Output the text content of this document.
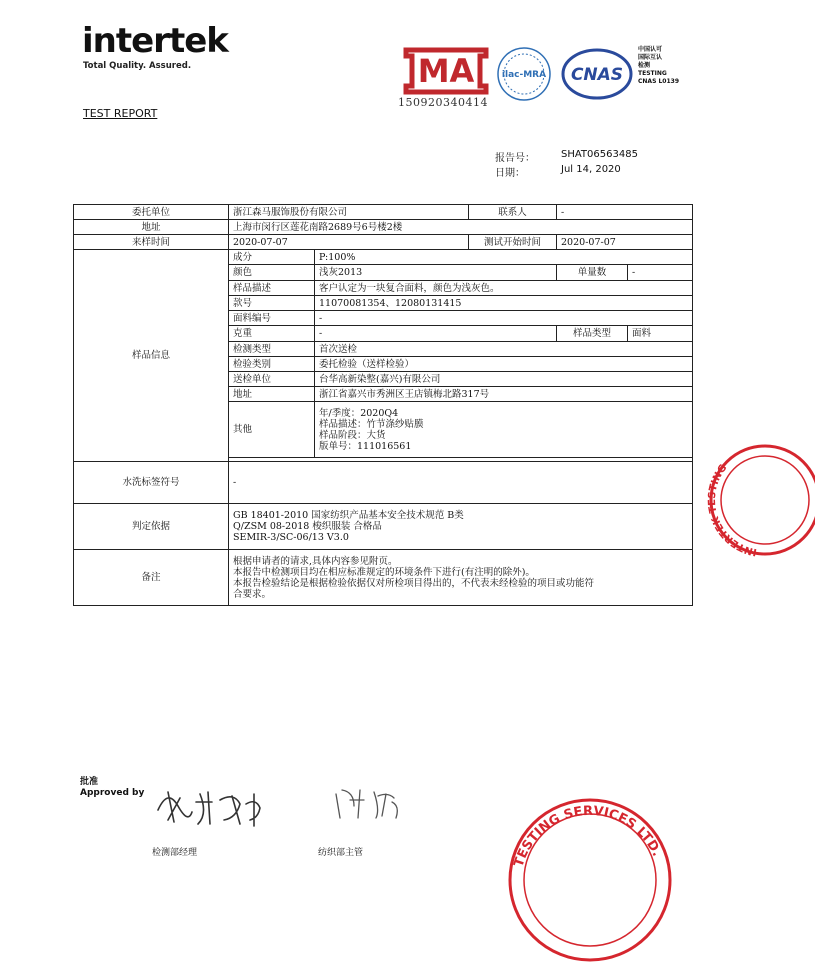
intertek
Total Quality. Assured.
TEST REPORT
MA
150920340414
ilac-MRA CNAS
中国认可
国际互认
检测
TESTING
CNAS L0139
报告号：	SHAT06563485
日期：	Jul 14, 2020
委托单位	浙江森马服饰股份有限公司		联系人	-
地址	上海市闵行区莲花南路2689号6号楼2楼			
来样时间	2020-07-07		测试开始时间	2020-07-07
样品信息	成分	P:100%		
	颜色	浅灰2013		单量数 -

	样品描述	客户认定为一块复合面料，颜色为浅灰色。		
	款号	11070081354、12080131415		
	面料编号	-		
	克重	-		样品类型 面料

	检测类型	首次送检		
	检验类别	委托检验（送样检验）		
	送检单位	台华高新染整(嘉兴)有限公司		
	地址	浙江省嘉兴市秀洲区王店镇梅北路317号		
	其他	年/季度：2020Q4
样品描述：竹节涤纱贴膜
样品阶段：大货
版单号：111016561		

水洗标签符号	-			
判定依据	GB 18401-2010 国家纺织产品基本安全技术规范 B类
Q/ZSM 08-2018 梭织服装 合格品
SEMIR-3/SC-06/13 V3.0			

备注	根据申请者的请求,具体内容参见附页。
本报告中检测项目均在相应标准规定的环境条件下进行(有注明的除外)。
本报告检验结论是根据检验依据仅对所检项目得出的，不代表未经检验的项目或功能符
合要求。			
INTERTEK TESTING
批准
Approved by
检测部经理	纺织部主管
TESTING SERVICES LTD.
